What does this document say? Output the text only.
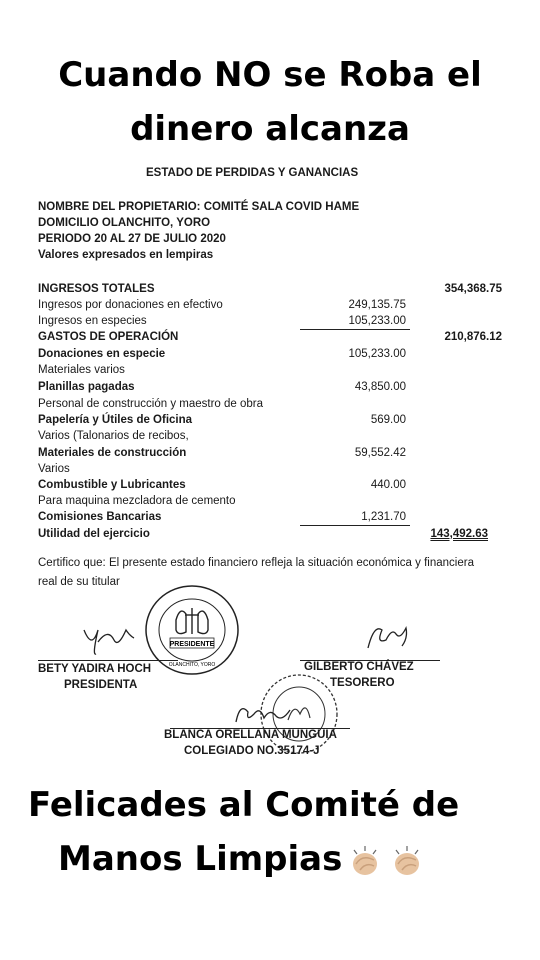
Cuando NO se Roba el
dinero alcanza
ESTADO DE PERDIDAS Y GANANCIAS
NOMBRE DEL PROPIETARIO: COMITÉ SALA COVID HAME
DOMICILIO OLANCHITO, YORO
PERIODO 20 AL 27 DE JULIO 2020
Valores expresados en lempiras
INGRESOS TOTALES	354,368.75
Ingresos por donaciones en efectivo	249,135.75
Ingresos en especies	105,233.00
GASTOS DE OPERACIÓN	210,876.12
Donaciones en especie	105,233.00
Materiales varios
Planillas pagadas	43,850.00
Personal de construcción y maestro de obra
Papelería y Útiles de Oficina	569.00
Varios (Talonarios de recibos,
Materiales de construcción	59,552.42
Varios
Combustible y Lubricantes	440.00
Para maquina mezcladora de cemento
Comisiones Bancarias	1,231.70
Utilidad del ejercicio	143,492.63
Certifico que: El presente estado financiero refleja la situación económica y financiera real de su titular
PRESIDENTE
OLANCHITO, YORO
BETY YADIRA HOCH
PRESIDENTA
GILBERTO CHÁVEZ
TESORERO
BLANCA ORELLANA MUNGUIA
COLEGIADO NO.35174-J
Felicades al Comité de
Manos Limpias
